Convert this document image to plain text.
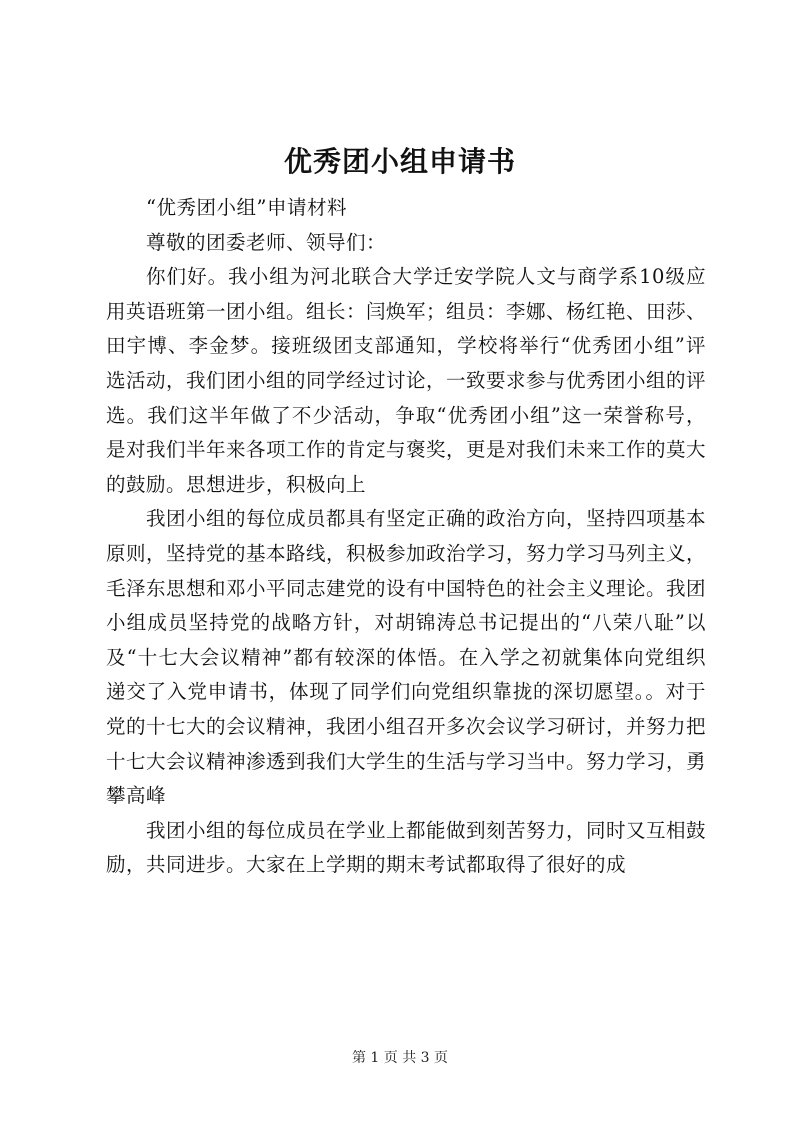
优秀团小组申请书

“优秀团小组”申请材料

尊敬的团委老师、领导们：

你们好。我小组为河北联合大学迁安学院人文与商学系10级应用英语班第一团小组。组长：闫焕军；组员：李娜、杨红艳、田莎、田宇博、李金梦。接班级团支部通知，学校将举行“优秀团小组”评选活动，我们团小组的同学经过讨论，一致要求参与优秀团小组的评选。我们这半年做了不少活动，争取“优秀团小组”这一荣誉称号，是对我们半年来各项工作的肯定与褒奖，更是对我们未来工作的莫大的鼓励。思想进步，积极向上

我团小组的每位成员都具有坚定正确的政治方向，坚持四项基本原则，坚持党的基本路线，积极参加政治学习，努力学习马列主义，毛泽东思想和邓小平同志建党的设有中国特色的社会主义理论。我团小组成员坚持党的战略方针，对胡锦涛总书记提出的“八荣八耻”以及“十七大会议精神”都有较深的体悟。在入学之初就集体向党组织递交了入党申请书，体现了同学们向党组织靠拢的深切愿望。。对于党的十七大的会议精神，我团小组召开多次会议学习研讨，并努力把十七大会议精神渗透到我们大学生的生活与学习当中。努力学习，勇攀高峰

我团小组的每位成员在学业上都能做到刻苦努力，同时又互相鼓励，共同进步。大家在上学期的期末考试都取得了很好的成

第 1 页 共 3 页
